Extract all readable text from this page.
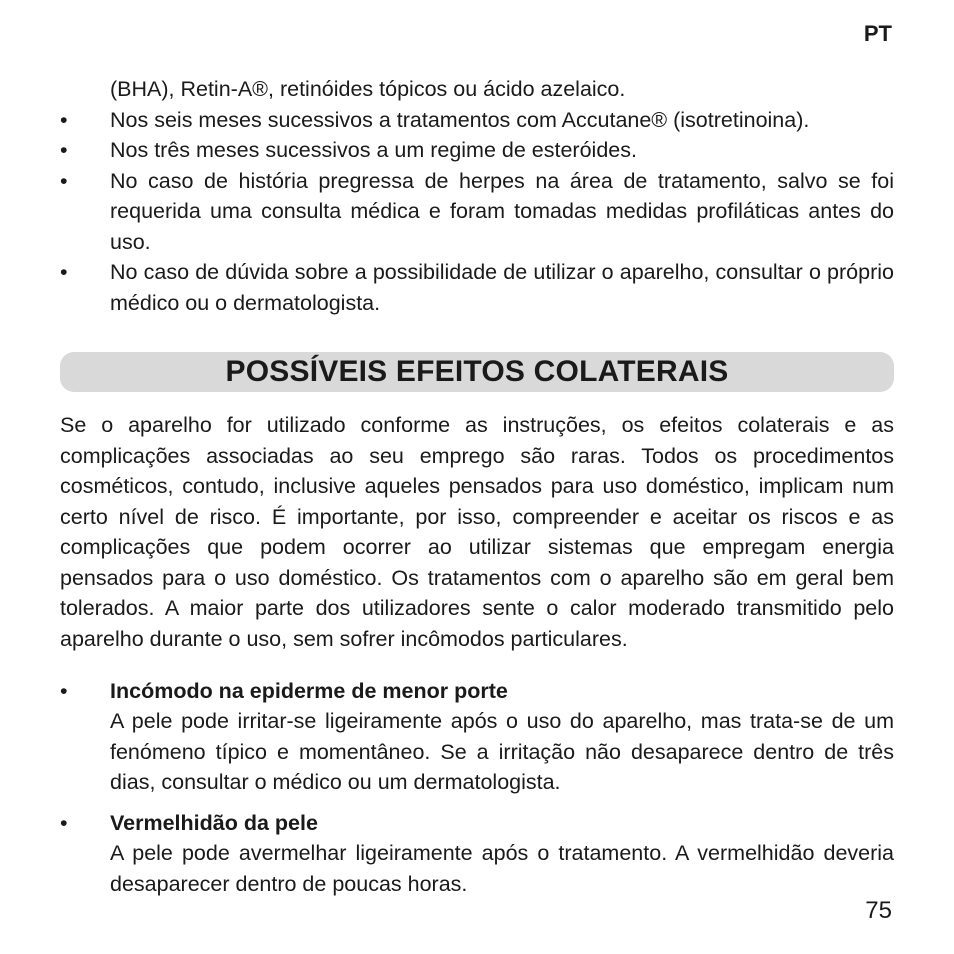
PT
(BHA), Retin-A®, retinóides tópicos ou ácido azelaico.
•	Nos seis meses sucessivos a tratamentos com Accutane® (isotretinoina).
•	Nos três meses sucessivos a um regime de esteróides.
•	No caso de história pregressa de herpes na área de tratamento, salvo se foi requerida uma consulta médica e foram tomadas medidas profiláticas antes do uso.
•	No caso de dúvida sobre a possibilidade de utilizar o aparelho, consultar o próprio médico ou o dermatologista.
POSSÍVEIS EFEITOS COLATERAIS

Se o aparelho for utilizado conforme as instruções, os efeitos colaterais e as complicações associadas ao seu emprego são raras. Todos os procedimentos cosméticos, contudo, inclusive aqueles pensados para uso doméstico, implicam num certo nível de risco. É importante, por isso, compreender e aceitar os riscos e as complicações que podem ocorrer ao utilizar sistemas que empregam energia pensados para o uso doméstico. Os tratamentos com o aparelho são em geral bem tolerados. A maior parte dos utilizadores sente o calor moderado transmitido pelo aparelho durante o uso, sem sofrer incômodos particulares.

•	Incómodo na epiderme de menor porte
A pele pode irritar-se ligeiramente após o uso do aparelho, mas trata-se de um fenómeno típico e momentâneo. Se a irritação não desaparece dentro de três dias, consultar o médico ou um dermatologista.
•	Vermelhidão da pele
A pele pode avermelhar ligeiramente após o tratamento. A vermelhidão deveria desaparecer dentro de poucas horas.
75
